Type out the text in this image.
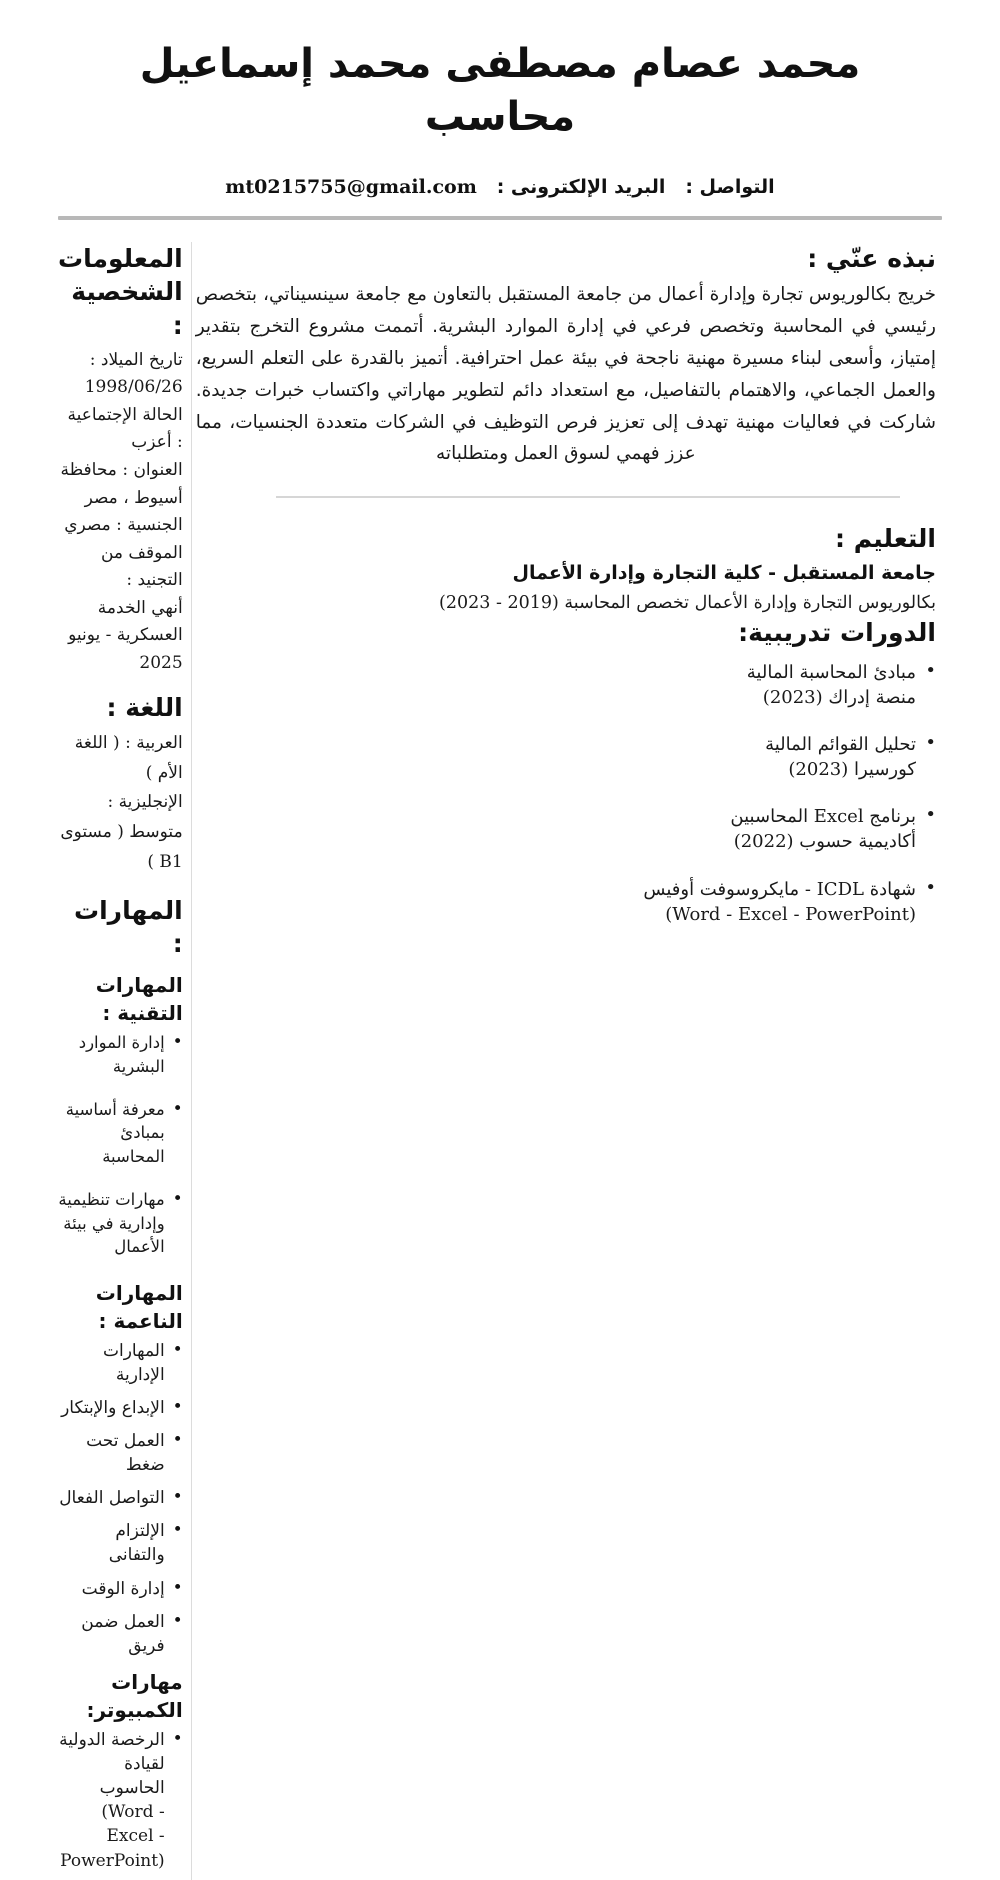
محمد عصام مصطفى محمد إسماعيل
محاسب
التواصل :   البريد الإلكترونى :   mt0215755@gmail.com
نبذه عنّي :

خريج بكالوريوس تجارة وإدارة أعمال من جامعة المستقبل بالتعاون مع جامعة سينسيناتي، بتخصص رئيسي في المحاسبة وتخصص فرعي في إدارة الموارد البشرية. أتممت مشروع التخرج بتقدير إمتياز، وأسعى لبناء مسيرة مهنية ناجحة في بيئة عمل احترافية. أتميز بالقدرة على التعلم السريع، والعمل الجماعي، والاهتمام بالتفاصيل، مع استعداد دائم لتطوير مهاراتي واكتساب خبرات جديدة. شاركت في فعاليات مهنية تهدف إلى تعزيز فرص التوظيف في الشركات متعددة الجنسيات، مما عزز فهمي لسوق العمل ومتطلباته

التعليم :
جامعة المستقبل - كلية التجارة وإدارة الأعمال
بكالوريوس التجارة وإدارة الأعمال تخصص المحاسبة (2019 - 2023)
الدورات تدريبية:
• مبادئ المحاسبة المالية
منصة إدراك (2023)
• تحليل القوائم المالية
كورسيرا (2023)
• برنامج Excel المحاسبين
أكاديمية حسوب (2022)
• شهادة ICDL - مايكروسوفت أوفيس
(Word - Excel - PowerPoint)
المعلومات الشخصية :

تاريخ الميلاد : 1998/06/26

الحالة الإجتماعية : أعزب

العنوان : محافظة أسيوط ، مصر

الجنسية : مصري

الموقف من التجنيد :

أنهي الخدمة العسكرية - يونيو 2025

اللغة :

العربية : ( اللغة الأم )

الإنجليزية : متوسط ( مستوى B1 )

المهارات :
المهارات التقنية :
• إدارة الموارد البشرية
• معرفة أساسية بمبادئ المحاسبة
• مهارات تنظيمية وإدارية في بيئة الأعمال
المهارات الناعمة :
• المهارات الإدارية
• الإبداع والإبتكار
• العمل تحت ضغط
• التواصل الفعال
• الإلتزام والتفانى
• إدارة الوقت
• العمل ضمن فريق
مهارات الكمبيوتر:
• الرخصة الدولية لقيادة الحاسوب
(Word - Excel - PowerPoint)
